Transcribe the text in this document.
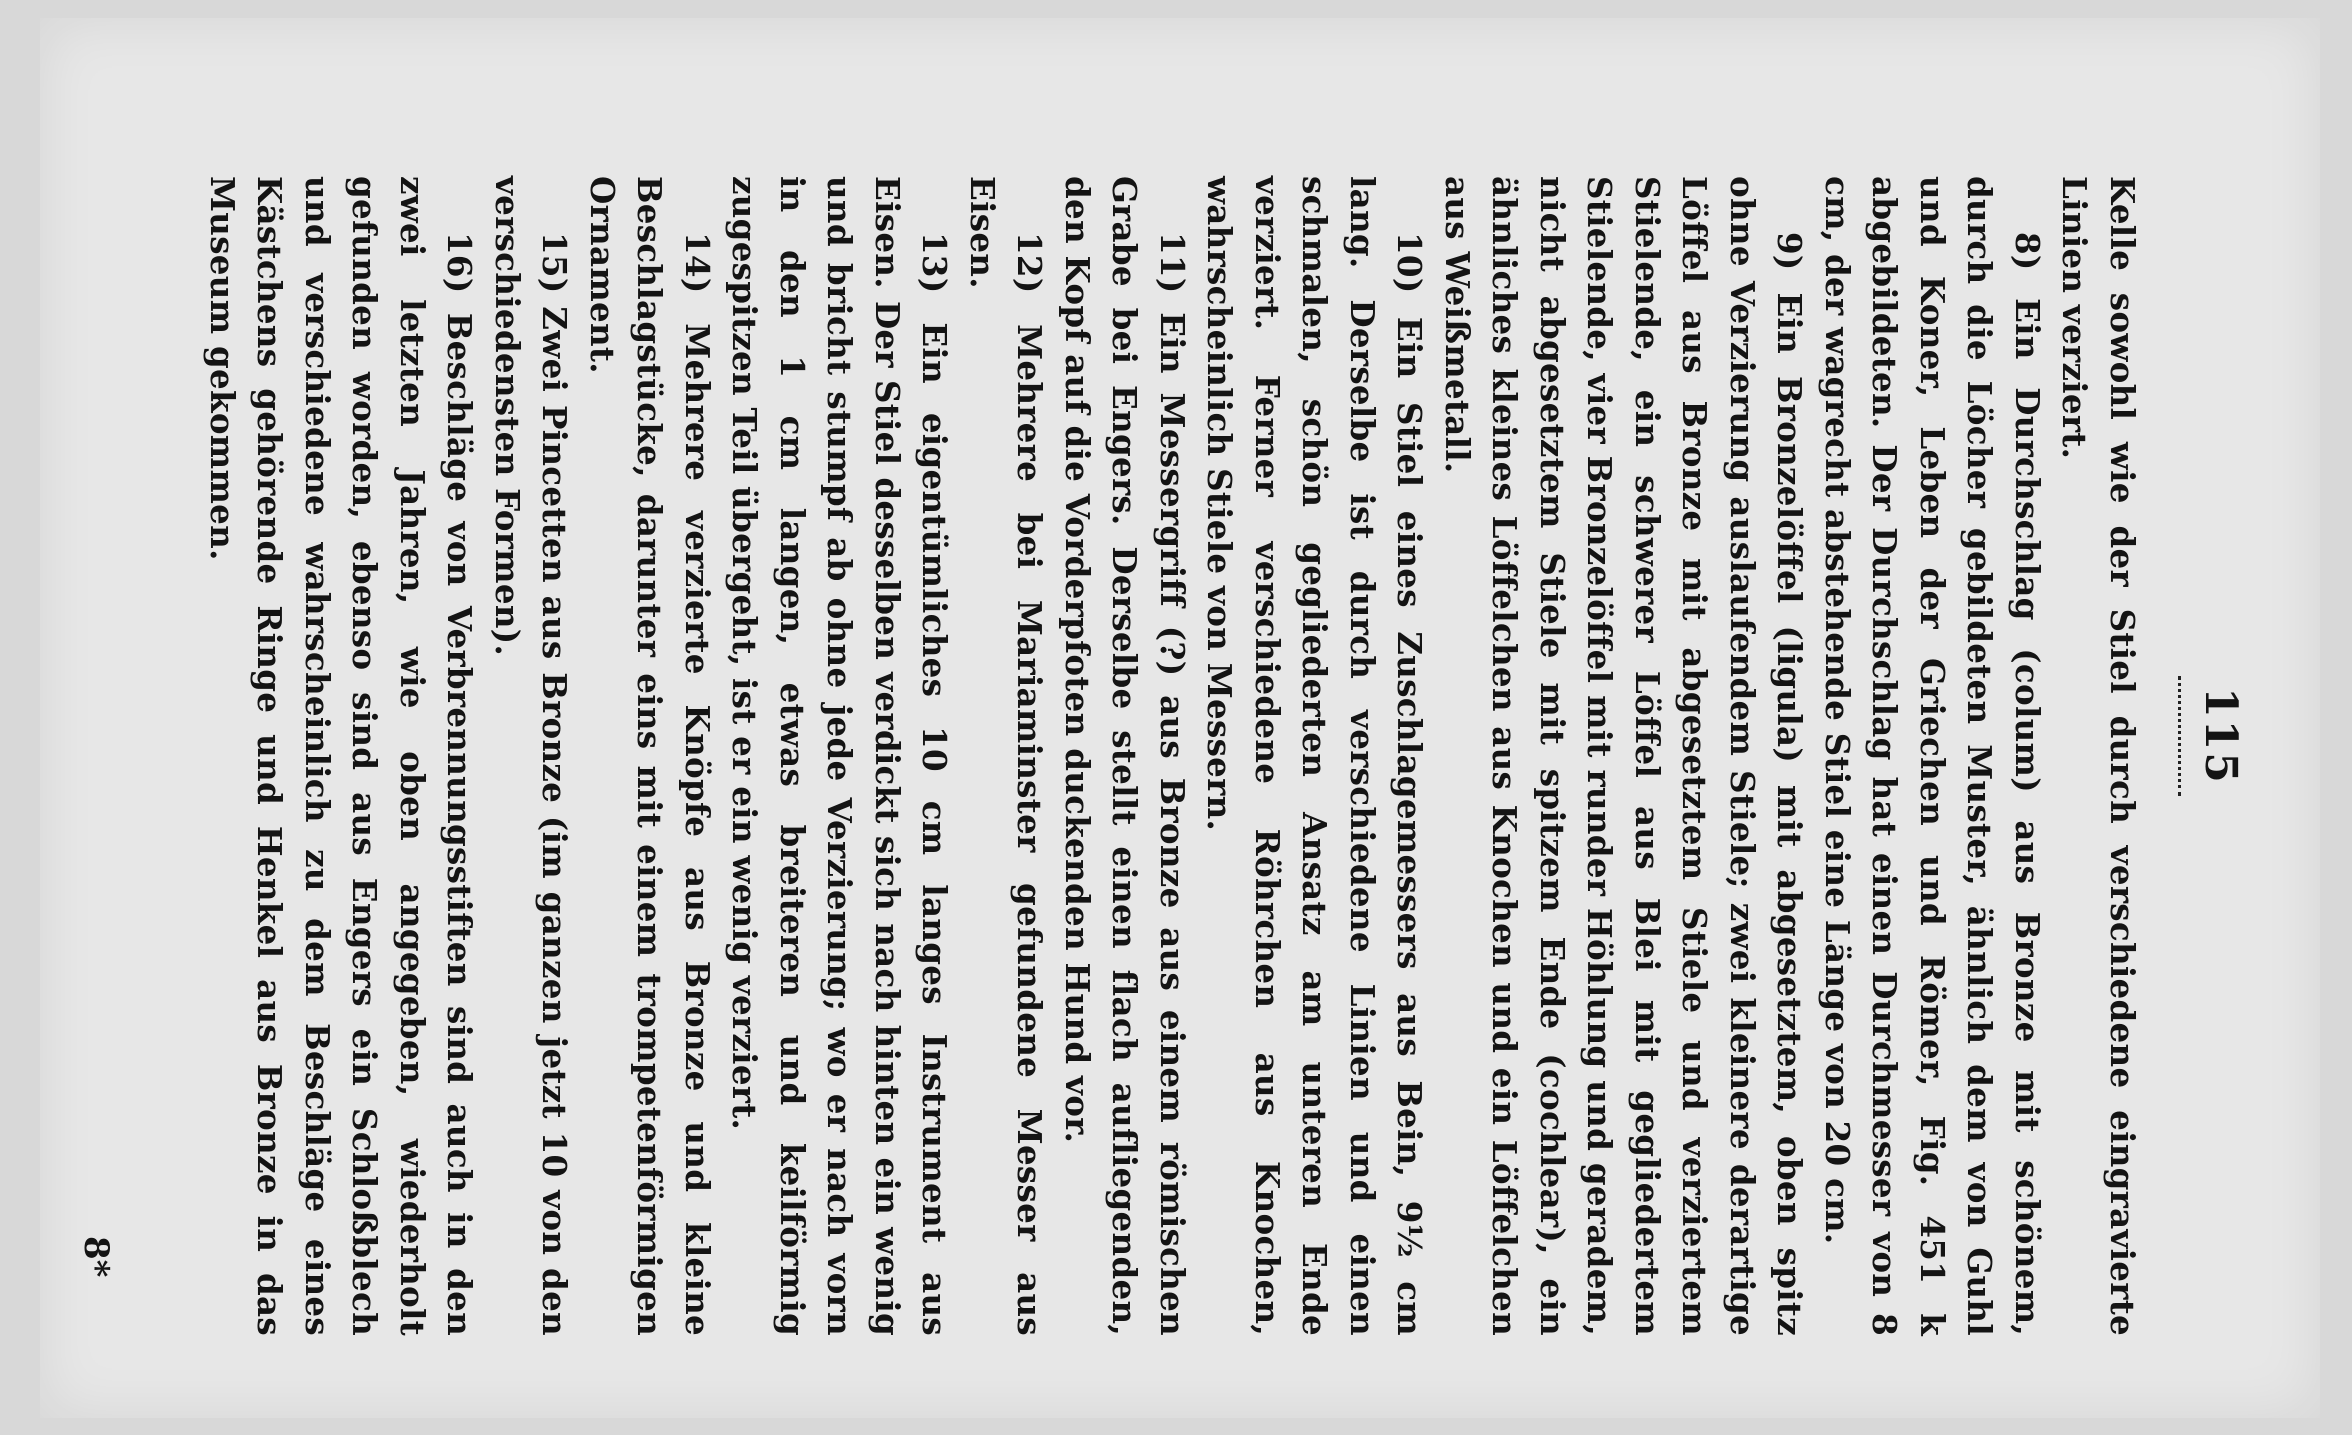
115

Kelle sowohl wie der Stiel durch verschiedene eingravierte Linien verziert.

8) Ein Durchschlag (colum) aus Bronze mit schönem, durch die Löcher gebildeten Muster, ähnlich dem von Guhl und Koner, Leben der Griechen und Römer, Fig. 451 k abgebildeten. Der Durchschlag hat einen Durchmesser von 8 cm, der wagrecht abstehende Stiel eine Länge von 20 cm.

9) Ein Bronzelöffel (ligula) mit abgesetztem, oben spitz ohne Verzierung auslaufendem Stiele; zwei kleinere derartige Löffel aus Bronze mit abgesetztem Stiele und verziertem Stielende, ein schwerer Löffel aus Blei mit gegliedertem Stielende, vier Bronzelöffel mit runder Höhlung und geradem, nicht abgesetztem Stiele mit spitzem Ende (cochlear), ein ähnliches kleines Löffelchen aus Knochen und ein Löffelchen aus Weißmetall.

10) Ein Stiel eines Zuschlagemessers aus Bein, 9½ cm lang. Derselbe ist durch verschiedene Linien und einen schmalen, schön gegliederten Ansatz am unteren Ende verziert. Ferner verschiedene Röhrchen aus Knochen, wahrscheinlich Stiele von Messern.

11) Ein Messergriff (?) aus Bronze aus einem römischen Grabe bei Engers. Derselbe stellt einen flach aufliegenden, den Kopf auf die Vorderpfoten duckenden Hund vor.

12) Mehrere bei Mariaminster gefundene Messer aus Eisen.

13) Ein eigentümliches 10 cm langes Instrument aus Eisen. Der Stiel desselben verdickt sich nach hinten ein wenig und bricht stumpf ab ohne jede Verzierung; wo er nach vorn in den 1 cm langen, etwas breiteren und keilförmig zugespitzen Teil übergeht, ist er ein wenig verziert.

14) Mehrere verzierte Knöpfe aus Bronze und kleine Beschlagstücke, darunter eins mit einem trompetenförmigen Ornament.

15) Zwei Pincetten aus Bronze (im ganzen jetzt 10 von den verschiedensten Formen).

16) Beschläge von Verbrennungsstiften sind auch in den zwei letzten Jahren, wie oben angegeben, wiederholt gefunden worden, ebenso sind aus Engers ein Schloßblech und verschiedene wahrscheinlich zu dem Beschläge eines Kästchens gehörende Ringe und Henkel aus Bronze in das Museum gekommen.

8*
